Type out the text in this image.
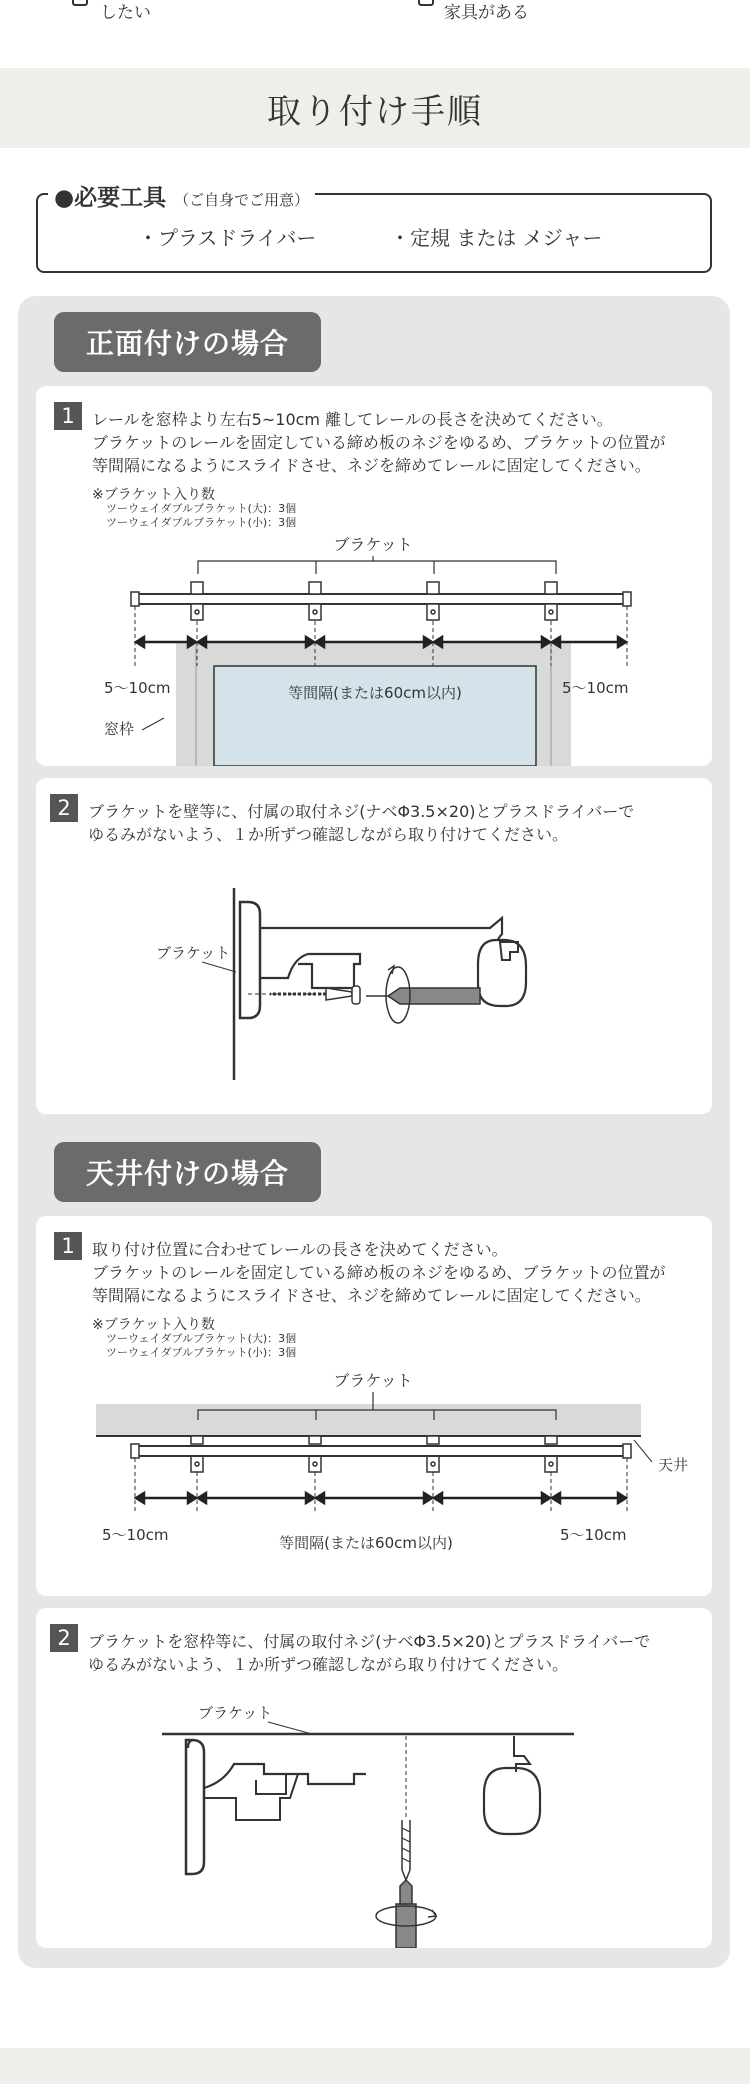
したい	家具がある
取り付け手順
●必要工具 （ご自身でご用意）
・プラスドライバー	・定規 または メジャー
正面付けの場合
1	レールを窓枠より左右5~10cm 離してレールの長さを決めてください。
ブラケットのレールを固定している締め板のネジをゆるめ、ブラケットの位置が
等間隔になるようにスライドさせ、ネジを締めてレールに固定してください。
※ブラケット入り数
ツーウェイダブルブラケット(大)：3個
ツーウェイダブルブラケット(小)：3個
ブラケット
5～10cm	5～10cm
等間隔(または60cm以内)
窓枠
2	ブラケットを壁等に、付属の取付ネジ(ナベΦ3.5×20)とプラスドライバーで
ゆるみがないよう、１か所ずつ確認しながら取り付けてください。
ブラケット
天井付けの場合
1	取り付け位置に合わせてレールの長さを決めてください。
ブラケットのレールを固定している締め板のネジをゆるめ、ブラケットの位置が
等間隔になるようにスライドさせ、ネジを締めてレールに固定してください。
※ブラケット入り数
ツーウェイダブルブラケット(大)：3個
ツーウェイダブルブラケット(小)：3個
ブラケット
天井
5～10cm	5～10cm
等間隔(または60cm以内)
2	ブラケットを窓枠等に、付属の取付ネジ(ナベΦ3.5×20)とプラスドライバーで
ゆるみがないよう、１か所ずつ確認しながら取り付けてください。
ブラケット
